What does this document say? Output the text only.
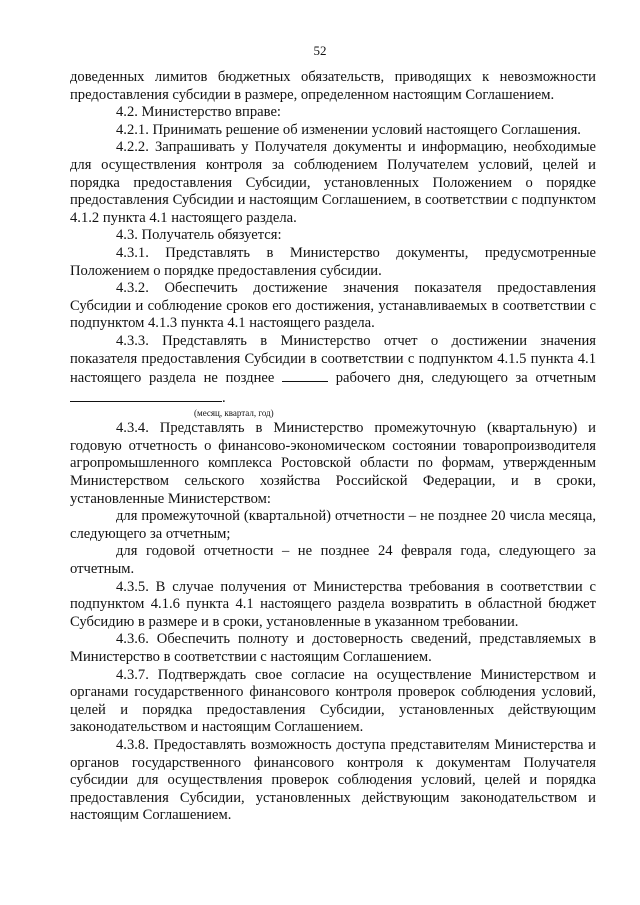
52

доведенных лимитов бюджетных обязательств, приводящих к невозможности предоставления субсидии в размере, определенном настоящим Соглашением.

4.2. Министерство вправе:

4.2.1. Принимать решение об изменении условий настоящего Соглашения.

4.2.2. Запрашивать у Получателя документы и информацию, необходимые для осуществления контроля за соблюдением Получателем условий, целей и порядка предоставления Субсидии, установленных Положением о порядке предоставления Субсидии и настоящим Соглашением, в соответствии с подпунктом 4.1.2 пункта 4.1 настоящего раздела.

4.3. Получатель обязуется:

4.3.1. Представлять в Министерство документы, предусмотренные Положением о порядке предоставления субсидии.

4.3.2. Обеспечить достижение значения показателя предоставления Субсидии и соблюдение сроков его достижения, устанавливаемых в соответствии с подпунктом 4.1.3 пункта 4.1 настоящего раздела.

4.3.3. Представлять в Министерство отчет о достижении значения показателя предоставления Субсидии в соответствии с подпунктом 4.1.5 пункта 4.1 настоящего раздела не позднее	рабочего дня, следующего за отчетным .

(месяц, квартал, год)

4.3.4. Представлять в Министерство промежуточную (квартальную) и годовую отчетность о финансово-экономическом состоянии товаропроизводителя агропромышленного комплекса Ростовской области по формам, утвержденным Министерством сельского хозяйства Российской Федерации, и в сроки, установленные Министерством:

для промежуточной (квартальной) отчетности – не позднее 20 числа месяца, следующего за отчетным;

для годовой отчетности – не позднее 24 февраля года, следующего за отчетным.

4.3.5. В случае получения от Министерства требования в соответствии с подпунктом 4.1.6 пункта 4.1 настоящего раздела возвратить в областной бюджет Субсидию в размере и в сроки, установленные в указанном требовании.

4.3.6. Обеспечить полноту и достоверность сведений, представляемых в Министерство в соответствии с настоящим Соглашением.

4.3.7. Подтверждать свое согласие на осуществление Министерством и органами государственного финансового контроля проверок соблюдения условий, целей и порядка предоставления Субсидии, установленных действующим законодательством и настоящим Соглашением.

4.3.8. Предоставлять возможность доступа представителям Министерства и органов государственного финансового контроля к документам Получателя субсидии для осуществления проверок соблюдения условий, целей и порядка предоставления Субсидии, установленных действующим законодательством и настоящим Соглашением.
